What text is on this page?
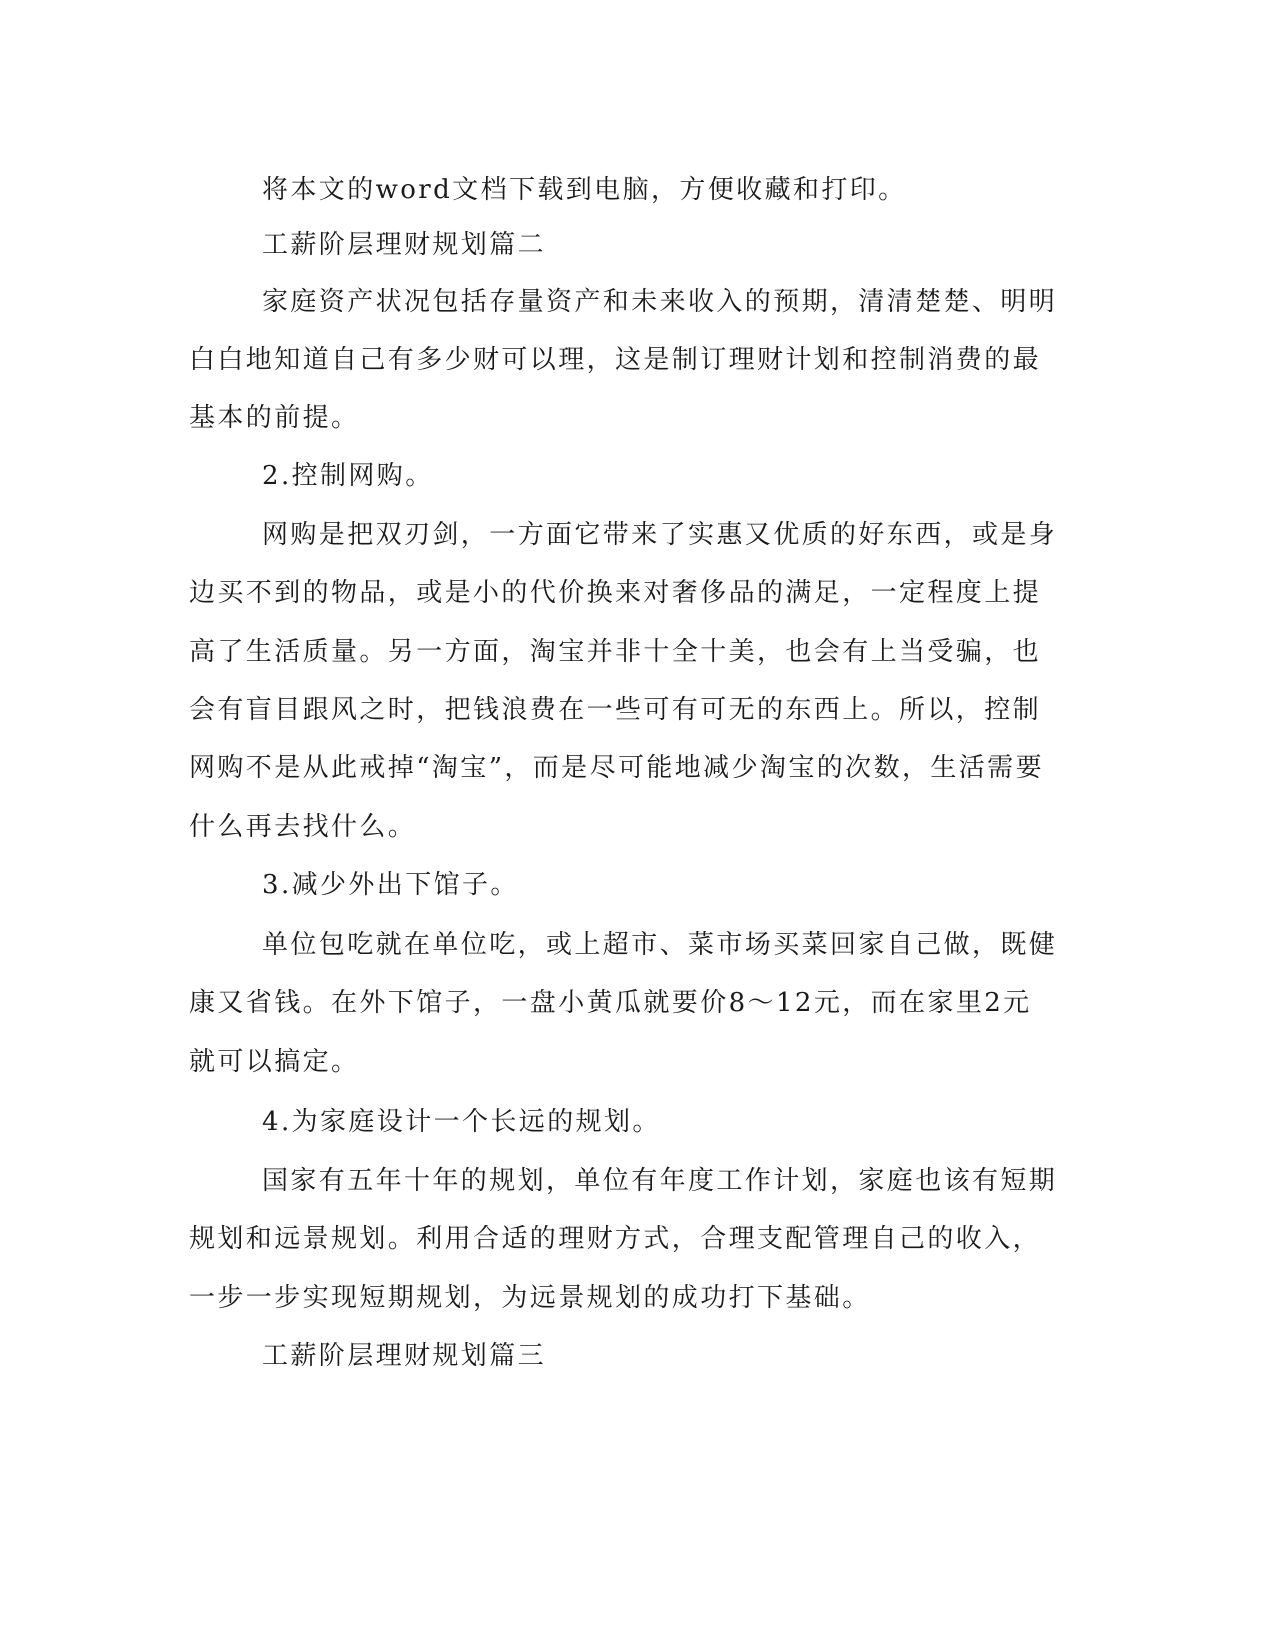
将本文的word文档下载到电脑，方便收藏和打印。
工薪阶层理财规划篇二
家庭资产状况包括存量资产和未来收入的预期，清清楚楚、明明
白白地知道自己有多少财可以理，这是制订理财计划和控制消费的最
基本的前提。
2.控制网购。
网购是把双刃剑，一方面它带来了实惠又优质的好东西，或是身
边买不到的物品，或是小的代价换来对奢侈品的满足，一定程度上提
高了生活质量。另一方面，淘宝并非十全十美，也会有上当受骗，也
会有盲目跟风之时，把钱浪费在一些可有可无的东西上。所以，控制
网购不是从此戒掉“淘宝”，而是尽可能地减少淘宝的次数，生活需要
什么再去找什么。
3.减少外出下馆子。
单位包吃就在单位吃，或上超市、菜市场买菜回家自己做，既健
康又省钱。在外下馆子，一盘小黄瓜就要价8～12元，而在家里2元
就可以搞定。
4.为家庭设计一个长远的规划。
国家有五年十年的规划，单位有年度工作计划，家庭也该有短期
规划和远景规划。利用合适的理财方式，合理支配管理自己的收入，
一步一步实现短期规划，为远景规划的成功打下基础。
工薪阶层理财规划篇三
